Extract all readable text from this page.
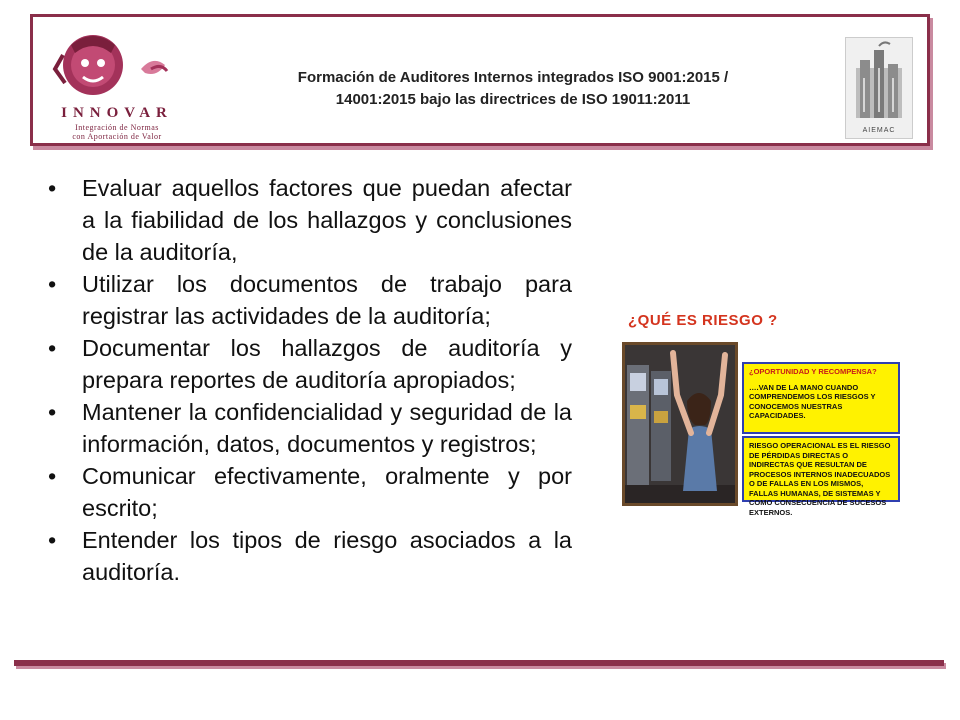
INNOVAR
Integración de Normas
con Aportación de Valor
Formación de Auditores Internos integrados ISO 9001:2015 /
14001:2015 bajo las directrices de ISO 19011:2011
AIEMAC
• Evaluar aquellos factores que puedan afectar a la fiabilidad de los hallazgos y conclusiones de la auditoría,
• Utilizar los documentos de trabajo para registrar las actividades de la auditoría;
• Documentar los hallazgos de auditoría y prepara reportes de auditoría apropiados;
• Mantener la confidencialidad y seguridad de la información, datos, documentos y registros;
• Comunicar efectivamente, oralmente y por escrito;
• Entender los tipos de riesgo asociados a la auditoría.
¿QUÉ ES RIESGO ?
¿OPORTUNIDAD Y RECOMPENSA?
….VAN DE LA MANO CUANDO COMPRENDEMOS LOS RIESGOS Y CONOCEMOS NUESTRAS CAPACIDADES.
RIESGO OPERACIONAL ES EL RIESGO DE PÉRDIDAS DIRECTAS O INDIRECTAS QUE RESULTAN DE PROCESOS INTERNOS INADECUADOS O DE FALLAS EN LOS MISMOS, FALLAS HUMANAS, DE SISTEMAS Y COMO CONSECUENCIA DE SUCESOS EXTERNOS.
